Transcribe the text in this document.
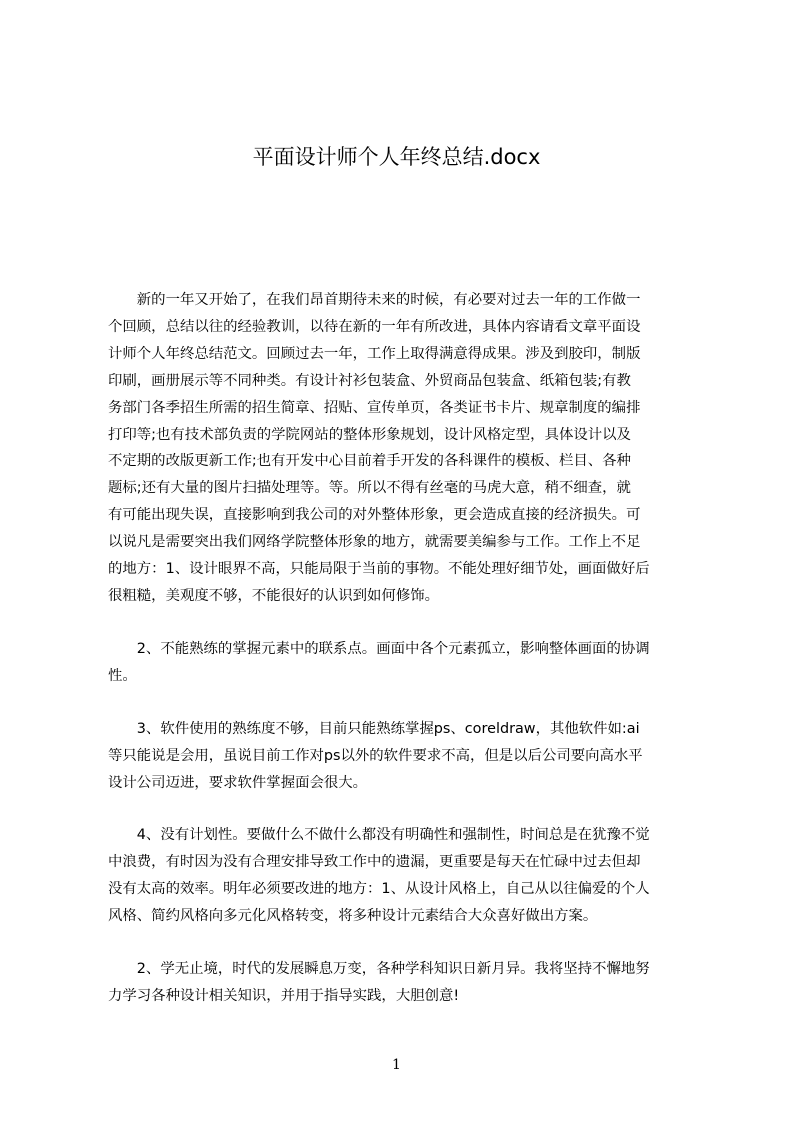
平面设计师个人年终总结.docx
　　新的一年又开始了，在我们昂首期待未来的时候，有必要对过去一年的工作做一
个回顾，总结以往的经验教训，以待在新的一年有所改进，具体内容请看文章平面设
计师个人年终总结范文。回顾过去一年，工作上取得满意得成果。涉及到胶印，制版
印刷，画册展示等不同种类。有设计衬衫包装盒、外贸商品包装盒、纸箱包装;有教
务部门各季招生所需的招生简章、招贴、宣传单页，各类证书卡片、规章制度的编排
打印等;也有技术部负责的学院网站的整体形象规划，设计风格定型，具体设计以及
不定期的改版更新工作;也有开发中心目前着手开发的各科课件的模板、栏目、各种
题标;还有大量的图片扫描处理等。等。所以不得有丝毫的马虎大意，稍不细查，就
有可能出现失误，直接影响到我公司的对外整体形象，更会造成直接的经济损失。可
以说凡是需要突出我们网络学院整体形象的地方，就需要美编参与工作。工作上不足
的地方：1、设计眼界不高，只能局限于当前的事物。不能处理好细节处，画面做好后
很粗糙，美观度不够，不能很好的认识到如何修饰。
　　2、不能熟练的掌握元素中的联系点。画面中各个元素孤立，影响整体画面的协调
性。
　　3、软件使用的熟练度不够，目前只能熟练掌握ps、coreldraw，其他软件如:ai
等只能说是会用，虽说目前工作对ps以外的软件要求不高，但是以后公司要向高水平
设计公司迈进，要求软件掌握面会很大。
　　4、没有计划性。要做什么不做什么都没有明确性和强制性，时间总是在犹豫不觉
中浪费，有时因为没有合理安排导致工作中的遗漏，更重要是每天在忙碌中过去但却
没有太高的效率。明年必须要改进的地方：1、从设计风格上，自己从以往偏爱的个人
风格、简约风格向多元化风格转变，将多种设计元素结合大众喜好做出方案。
　　2、学无止境，时代的发展瞬息万变，各种学科知识日新月异。我将坚持不懈地努
力学习各种设计相关知识，并用于指导实践，大胆创意!
1
